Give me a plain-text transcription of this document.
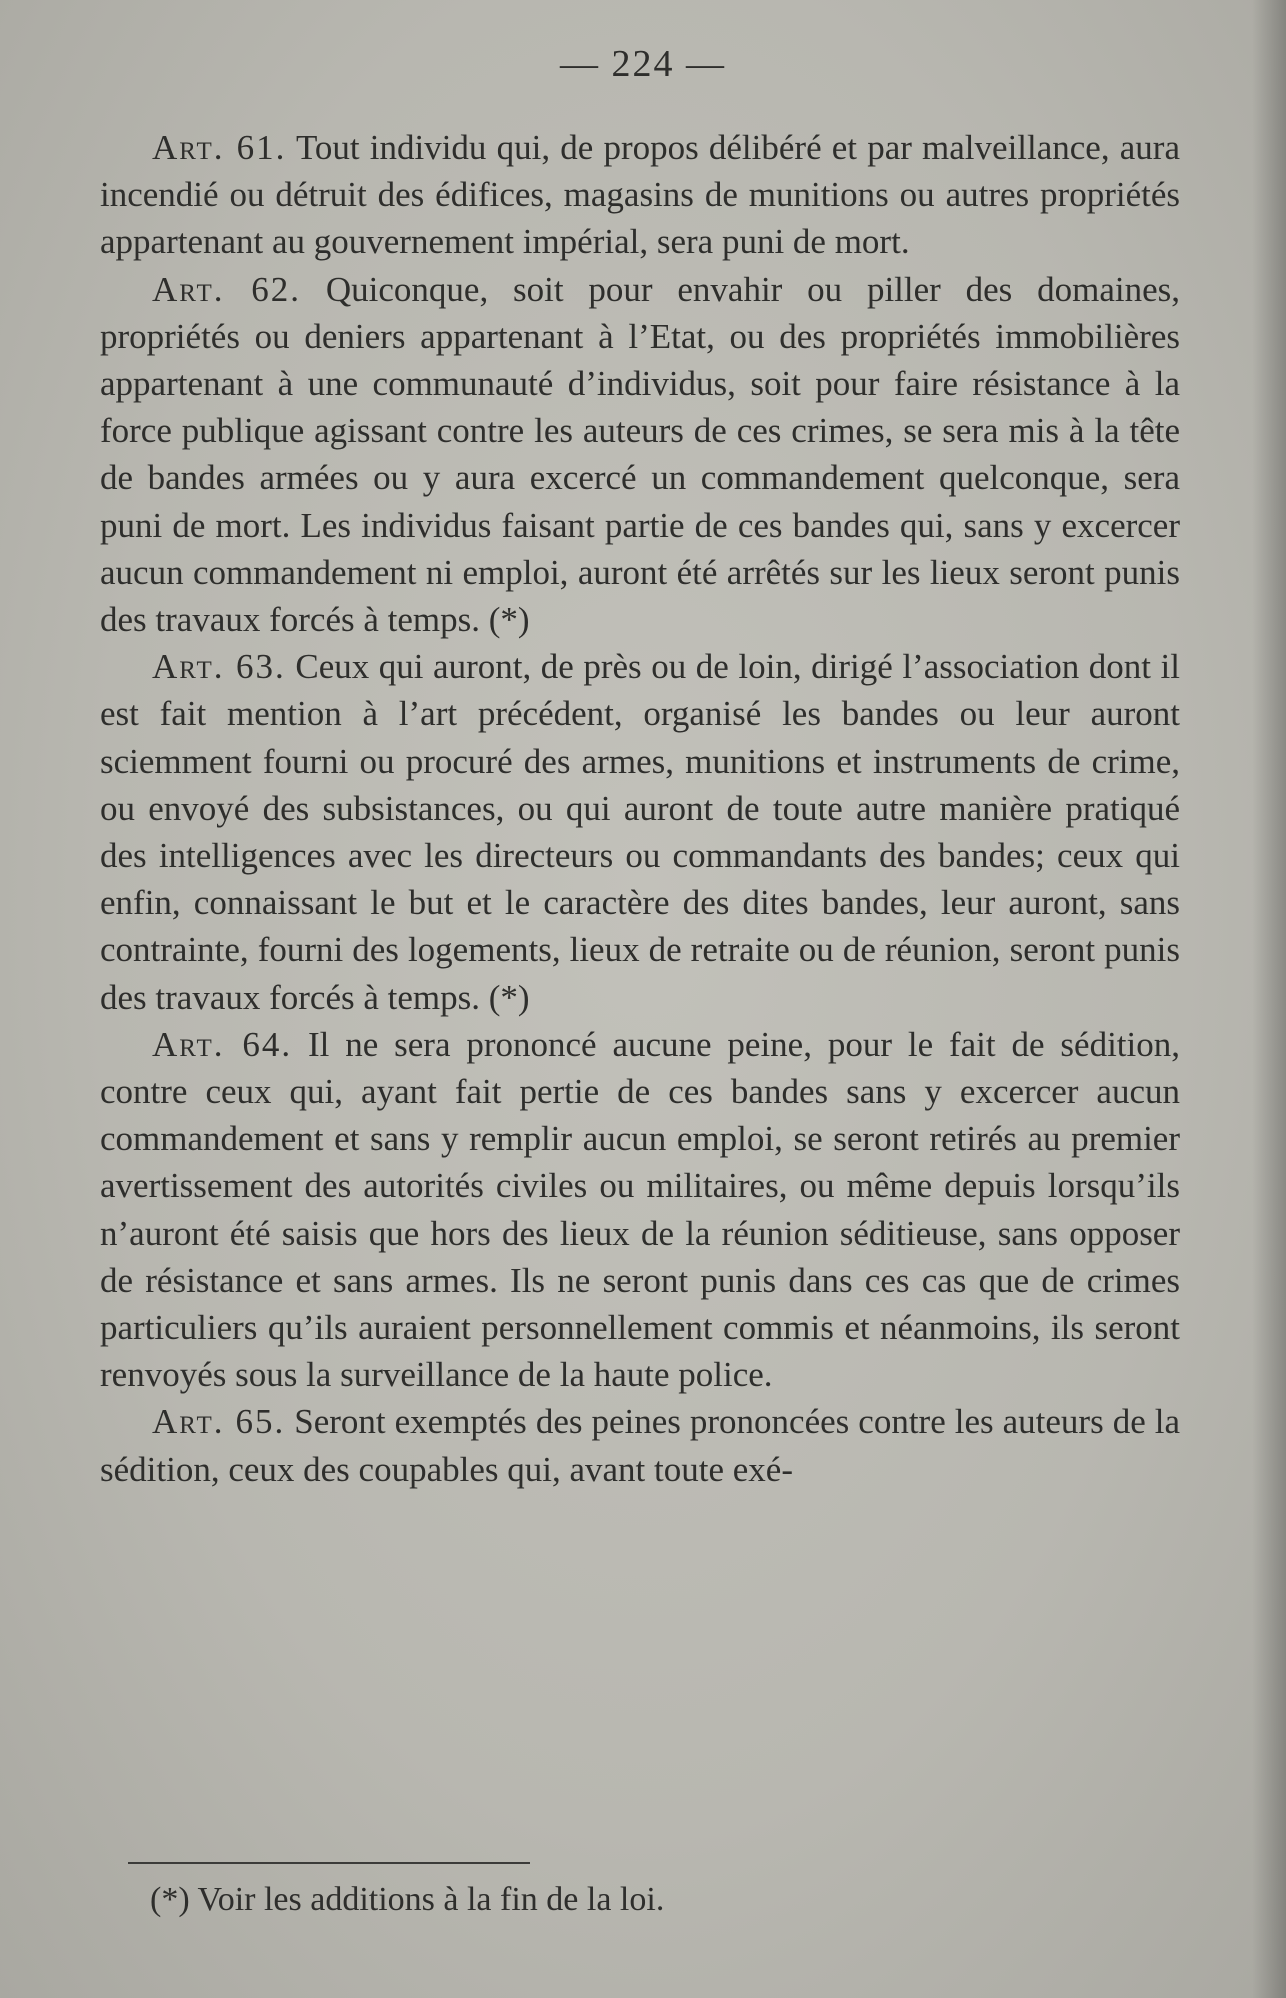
— 224 —

Art. 61. Tout individu qui, de propos délibéré et par malveillance, aura incendié ou détruit des édifices, magasins de munitions ou autres propriétés appartenant au gouvernement impérial, sera puni de mort.

Art. 62. Quiconque, soit pour envahir ou piller des domaines, propriétés ou deniers appartenant à l’Etat, ou des propriétés immobilières appartenant à une communauté d’individus, soit pour faire résistance à la force publique agissant contre les auteurs de ces crimes, se sera mis à la tête de bandes armées ou y aura excercé un commandement quelconque, sera puni de mort. Les individus faisant partie de ces bandes qui, sans y excercer aucun commandement ni emploi, auront été arrêtés sur les lieux seront punis des travaux forcés à temps. (*)

Art. 63. Ceux qui auront, de près ou de loin, dirigé l’association dont il est fait mention à l’art précédent, organisé les bandes ou leur auront sciemment fourni ou procuré des armes, munitions et instruments de crime, ou envoyé des subsistances, ou qui auront de toute autre manière pratiqué des intelligences avec les directeurs ou commandants des bandes; ceux qui enfin, connaissant le but et le caractère des dites bandes, leur auront, sans contrainte, fourni des logements, lieux de retraite ou de réunion, seront punis des travaux forcés à temps. (*)

Art. 64. Il ne sera prononcé aucune peine, pour le fait de sédition, contre ceux qui, ayant fait pertie de ces bandes sans y excercer aucun commandement et sans y remplir aucun emploi, se seront retirés au premier avertissement des autorités civiles ou militaires, ou même depuis lorsqu’ils n’auront été saisis que hors des lieux de la réunion séditieuse, sans opposer de résistance et sans armes. Ils ne seront punis dans ces cas que de crimes particuliers qu’ils auraient personnellement commis et néanmoins, ils seront renvoyés sous la surveillance de la haute police.

Art. 65. Seront exemptés des peines prononcées contre les auteurs de la sédition, ceux des coupables qui, avant toute exé-

(*) Voir les additions à la fin de la loi.
